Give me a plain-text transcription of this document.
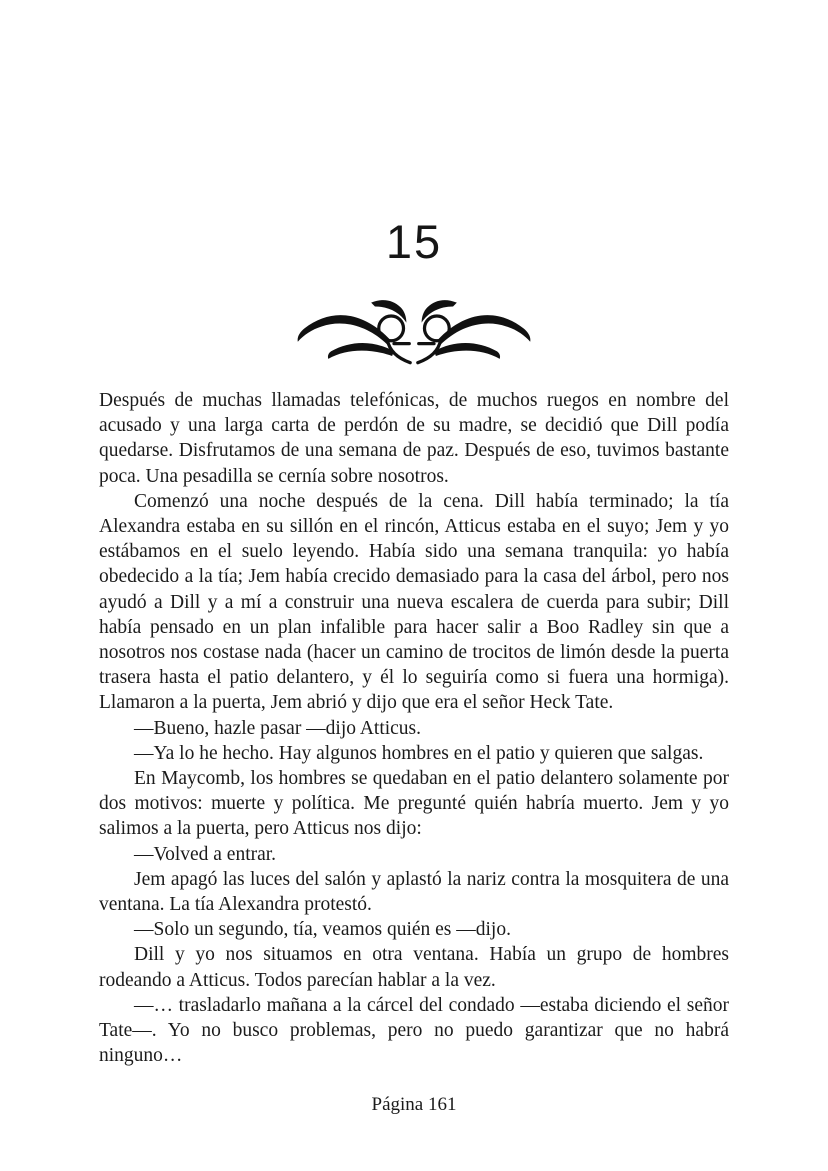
15

Después de muchas llamadas telefónicas, de muchos ruegos en nombre del acusado y una larga carta de perdón de su madre, se decidió que Dill podía quedarse. Disfrutamos de una semana de paz. Después de eso, tuvimos bastante poca. Una pesadilla se cernía sobre nosotros.

Comenzó una noche después de la cena. Dill había terminado; la tía Alexandra estaba en su sillón en el rincón, Atticus estaba en el suyo; Jem y yo estábamos en el suelo leyendo. Había sido una semana tranquila: yo había obedecido a la tía; Jem había crecido demasiado para la casa del árbol, pero nos ayudó a Dill y a mí a construir una nueva escalera de cuerda para subir; Dill había pensado en un plan infalible para hacer salir a Boo Radley sin que a nosotros nos costase nada (hacer un camino de trocitos de limón desde la puerta trasera hasta el patio delantero, y él lo seguiría como si fuera una hormiga). Llamaron a la puerta, Jem abrió y dijo que era el señor Heck Tate.

—Bueno, hazle pasar —dijo Atticus.

—Ya lo he hecho. Hay algunos hombres en el patio y quieren que salgas.

En Maycomb, los hombres se quedaban en el patio delantero solamente por dos motivos: muerte y política. Me pregunté quién habría muerto. Jem y yo salimos a la puerta, pero Atticus nos dijo:

—Volved a entrar.

Jem apagó las luces del salón y aplastó la nariz contra la mosquitera de una ventana. La tía Alexandra protestó.

—Solo un segundo, tía, veamos quién es —dijo.

Dill y yo nos situamos en otra ventana. Había un grupo de hombres rodeando a Atticus. Todos parecían hablar a la vez.

—… trasladarlo mañana a la cárcel del condado —estaba diciendo el señor Tate—. Yo no busco problemas, pero no puedo garantizar que no habrá ninguno…

Página 161
